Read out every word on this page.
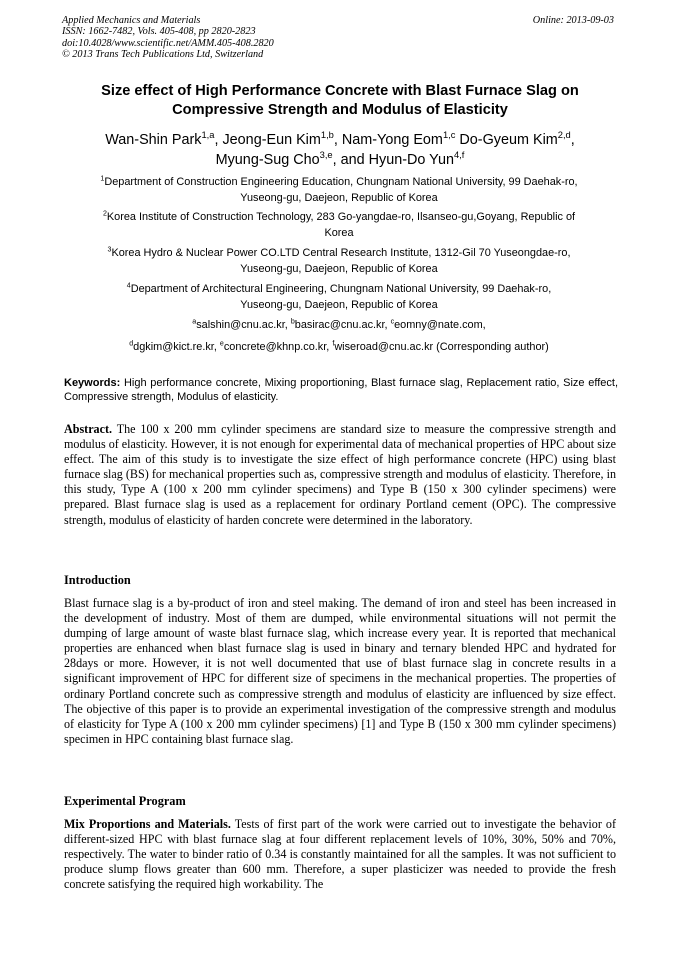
Applied Mechanics and Materials
ISSN: 1662-7482, Vols. 405-408, pp 2820-2823
doi:10.4028/www.scientific.net/AMM.405-408.2820
© 2013 Trans Tech Publications Ltd, Switzerland
Online: 2013-09-03
Size effect of High Performance Concrete with Blast Furnace Slag on
Compressive Strength and Modulus of Elasticity
Wan-Shin Park$^{1,a}$, Jeong-Eun Kim$^{1,b}$, Nam-Yong Eom$^{1,c}$ Do-Gyeum Kim$^{2,d}$,
Myung-Sug Cho$^{3,e}$, and Hyun-Do Yun$^{4,f}$
$^1$Department of Construction Engineering Education, Chungnam National University, 99 Daehak-ro,
Yuseong-gu, Daejeon, Republic of Korea
$^2$Korea Institute of Construction Technology, 283 Go-yangdae-ro, Ilsanseo-gu,Goyang, Republic of
Korea
$^3$Korea Hydro & Nuclear Power CO.LTD Central Research Institute, 1312-Gil 70 Yuseongdae-ro,
Yuseong-gu, Daejeon, Republic of Korea
$^4$Department of Architectural Engineering, Chungnam National University, 99 Daehak-ro,
Yuseong-gu, Daejeon, Republic of Korea
$^a$salshin@cnu.ac.kr, $^b$basirac@cnu.ac.kr, $^c$eomny@nate.com,
$^d$dgkim@kict.re.kr, $^e$concrete@khnp.co.kr, $^f$wiseroad@cnu.ac.kr (Corresponding author)
Keywords: High performance concrete, Mixing proportioning, Blast furnace slag, Replacement ratio, Size effect, Compressive strength, Modulus of elasticity.
Abstract. The 100 x 200 mm cylinder specimens are standard size to measure the compressive strength and modulus of elasticity. However, it is not enough for experimental data of mechanical properties of HPC about size effect. The aim of this study is to investigate the size effect of high performance concrete (HPC) using blast furnace slag (BS) for mechanical properties such as, compressive strength and modulus of elasticity. Therefore, in this study, Type A (100 x 200 mm cylinder specimens) and Type B (150 x 300 cylinder specimens) were prepared. Blast furnace slag is used as a replacement for ordinary Portland cement (OPC). The compressive strength, modulus of elasticity of harden concrete were determined in the laboratory.
Introduction
Blast furnace slag is a by-product of iron and steel making. The demand of iron and steel has been increased in the development of industry. Most of them are dumped, while environmental situations will not permit the dumping of large amount of waste blast furnace slag, which increase every year. It is reported that mechanical properties are enhanced when blast furnace slag is used in binary and ternary blended HPC and hydrated for 28days or more. However, it is not well documented that use of blast furnace slag in concrete results in a significant improvement of HPC for different size of specimens in the mechanical properties. The properties of ordinary Portland concrete such as compressive strength and modulus of elasticity are influenced by size effect. The objective of this paper is to provide an experimental investigation of the compressive strength and modulus of elasticity for Type A (100 x 200 mm cylinder specimens) [1] and Type B (150 x 300 mm cylinder specimens) specimen in HPC containing blast furnace slag.
Experimental Program
Mix Proportions and Materials. Tests of first part of the work were carried out to investigate the behavior of different-sized HPC with blast furnace slag at four different replacement levels of 10%, 30%, 50% and 70%, respectively. The water to binder ratio of 0.34 is constantly maintained for all the samples. It was not sufficient to produce slump flows greater than 600 mm. Therefore, a super plasticizer was needed to provide the fresh concrete satisfying the required high workability. The
